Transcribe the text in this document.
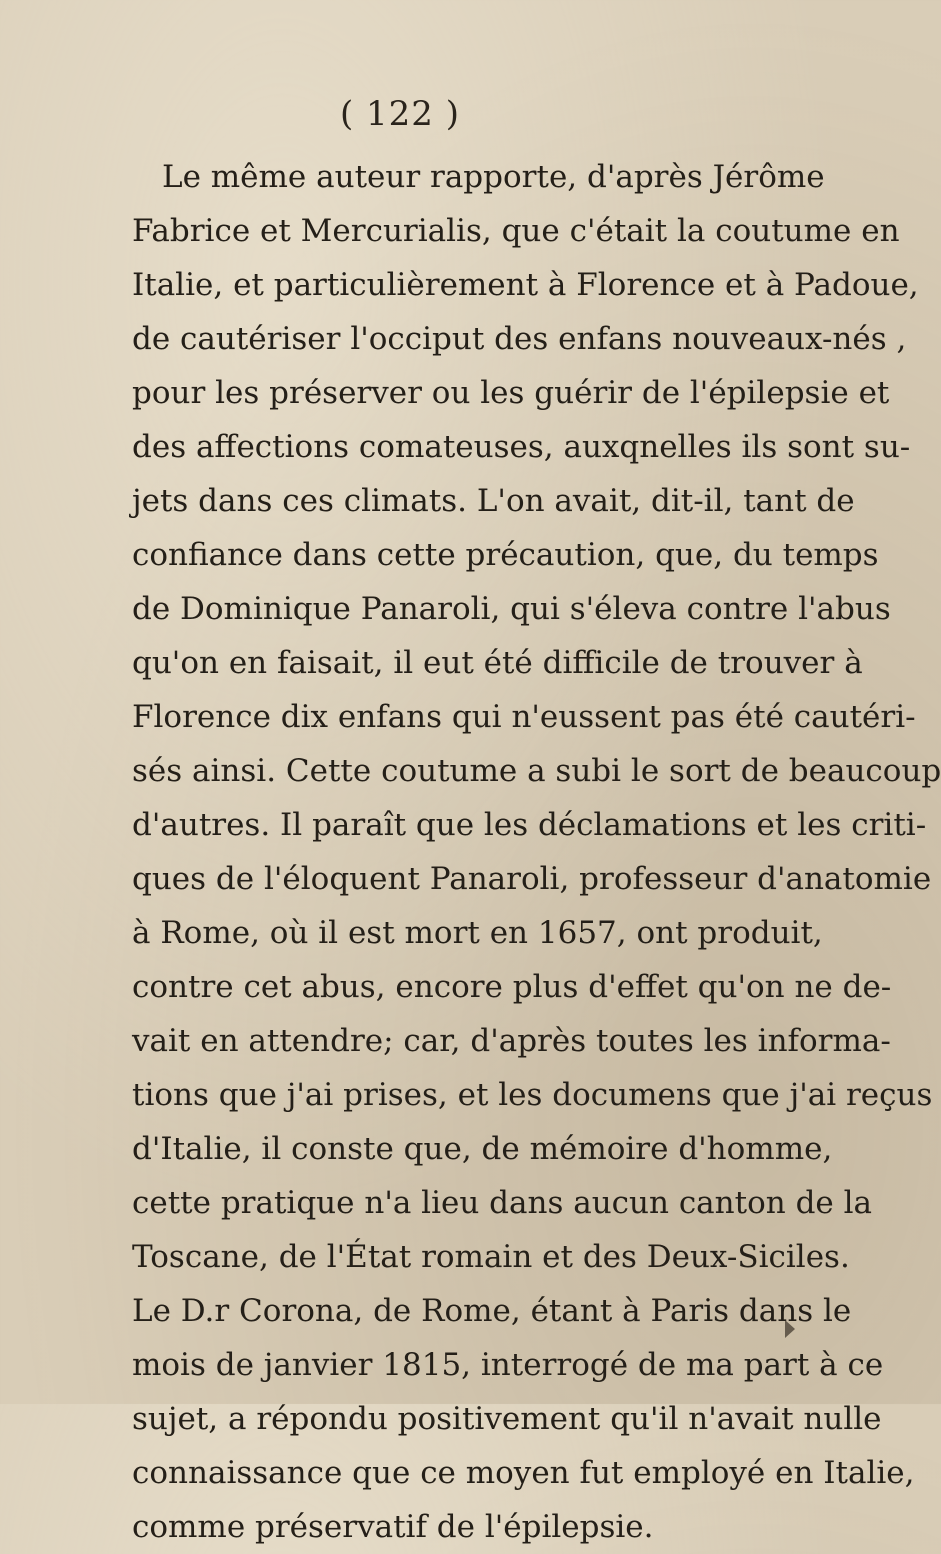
( 122 )
Le même auteur rapporte, d'après Jérôme
Fabrice et Mercurialis, que c'était la coutume en
Italie, et particulièrement à Florence et à Padoue,
de cautériser l'occiput des enfans nouveaux-nés ,
pour les préserver ou les guérir de l'épilepsie et
des affections comateuses, auxqnelles ils sont su-
jets dans ces climats. L'on avait, dit-il, tant de
confiance dans cette précaution, que, du temps
de Dominique Panaroli, qui s'éleva contre l'abus
qu'on en faisait, il eut été difficile de trouver à
Florence dix enfans qui n'eussent pas été cautéri-
sés ainsi. Cette coutume a subi le sort de beaucoup
d'autres. Il paraît que les déclamations et les criti-
ques de l'éloquent Panaroli, professeur d'anatomie
à Rome, où il est mort en 1657, ont produit,
contre cet abus, encore plus d'effet qu'on ne de-
vait en attendre; car, d'après toutes les informa-
tions que j'ai prises, et les documens que j'ai reçus
d'Italie, il conste que, de mémoire d'homme,
cette pratique n'a lieu dans aucun canton de la
Toscane, de l'État romain et des Deux-Siciles.
Le D.r Corona, de Rome, étant à Paris dans le
mois de janvier 1815, interrogé de ma part à ce
sujet, a répondu positivement qu'il n'avait nulle
connaissance que ce moyen fut employé en Italie,
comme préservatif de l'épilepsie.
